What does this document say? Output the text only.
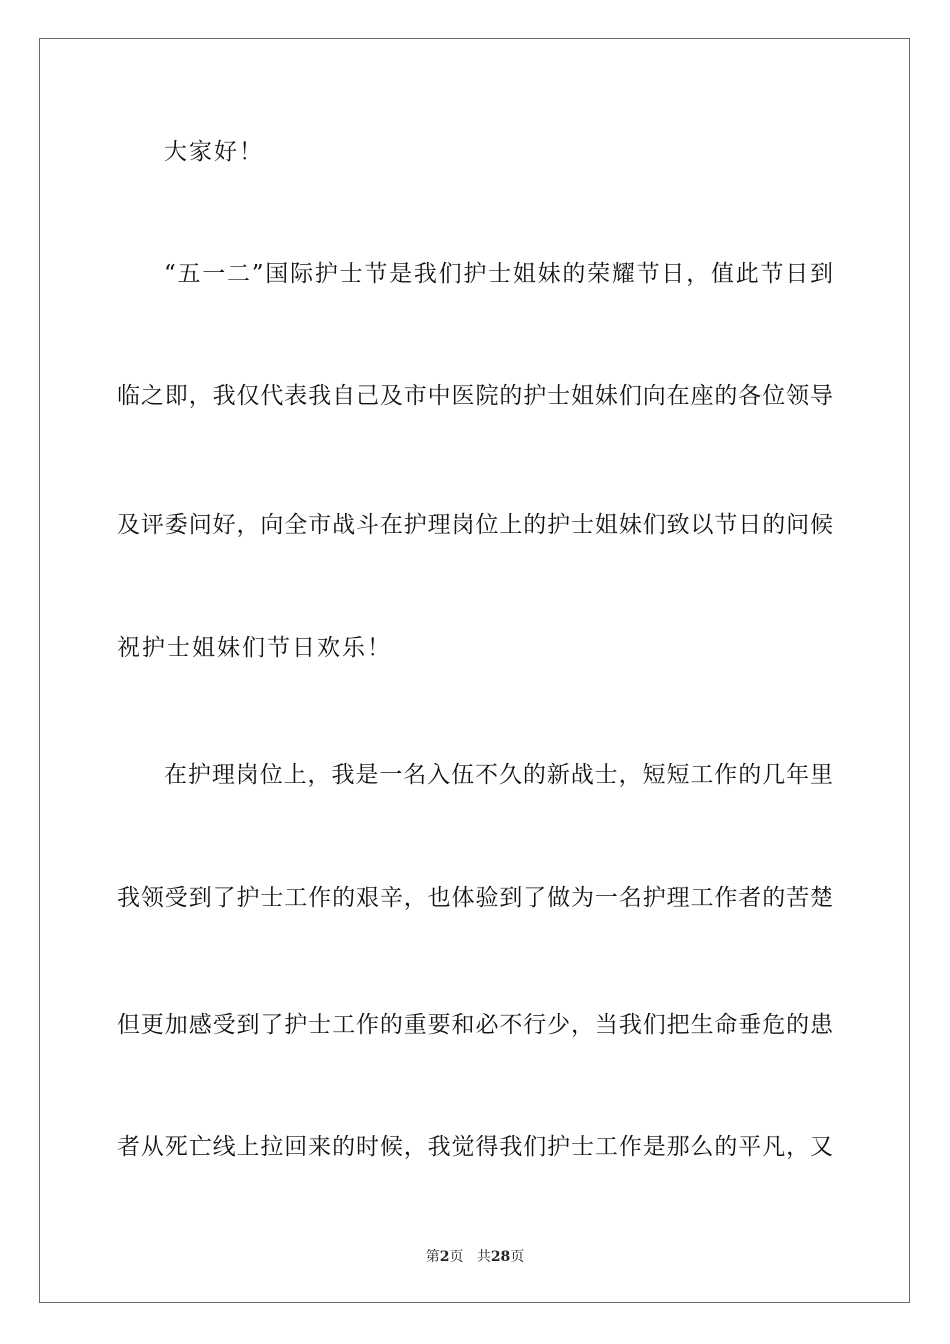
大家好！
“五一二”国际护士节是我们护士姐妹的荣耀节日，值此节日到
临之即，我仅代表我自己及市中医院的护士姐妹们向在座的各位领导
及评委问好，向全市战斗在护理岗位上的护士姐妹们致以节日的问候
祝护士姐妹们节日欢乐！
在护理岗位上，我是一名入伍不久的新战士，短短工作的几年里
我领受到了护士工作的艰辛，也体验到了做为一名护理工作者的苦楚
但更加感受到了护士工作的重要和必不行少，当我们把生命垂危的患
者从死亡线上拉回来的时候，我觉得我们护士工作是那么的平凡，又
第2页 共28页
